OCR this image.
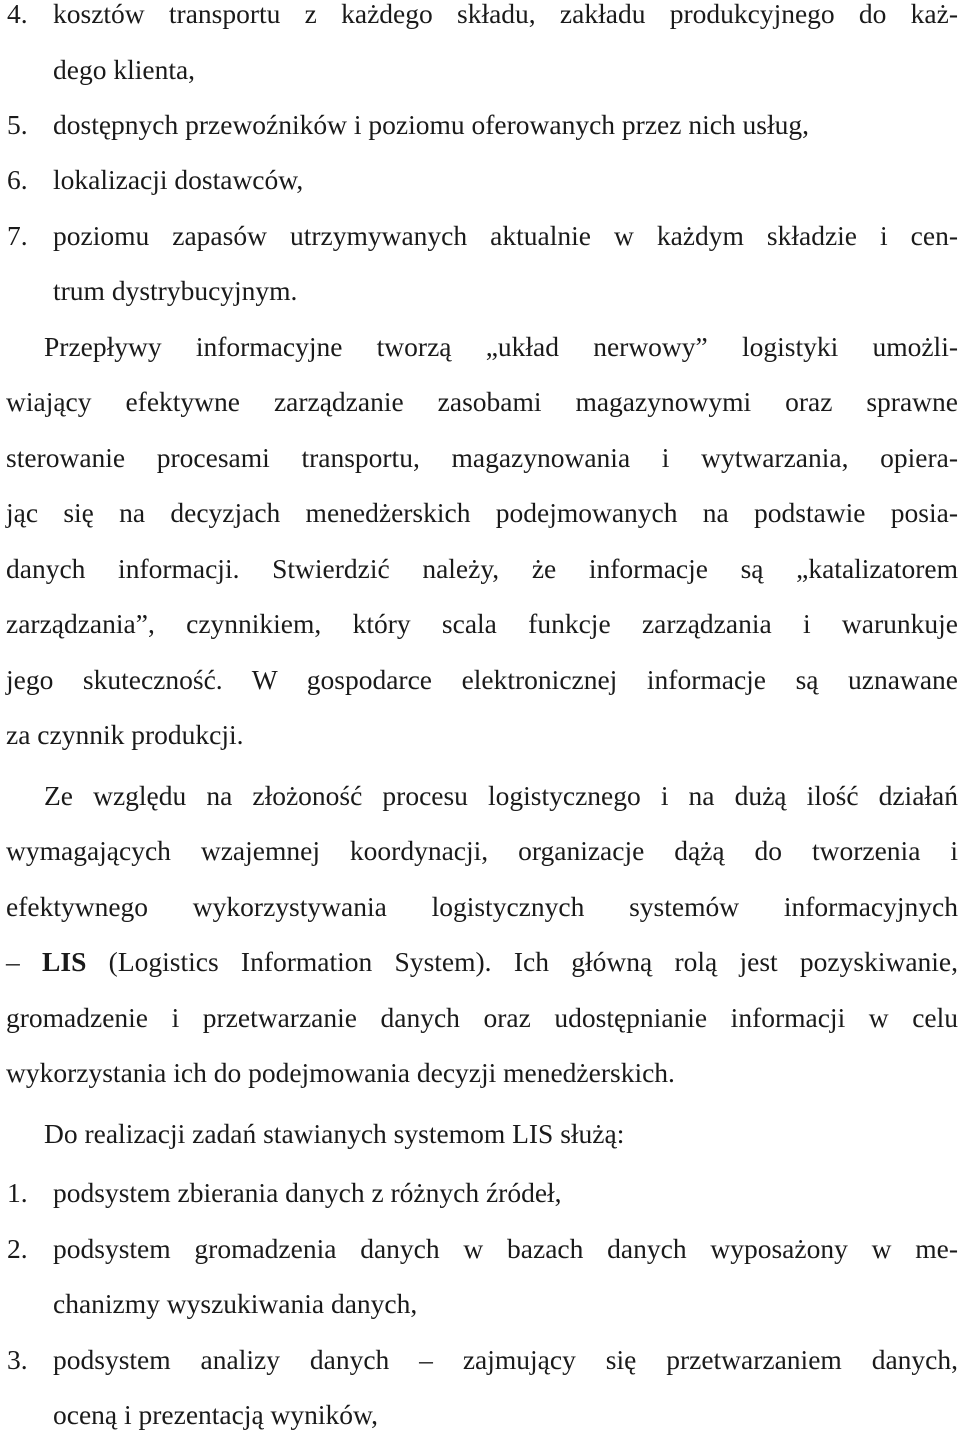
4. kosztów transportu z każdego składu, zakładu produkcyjnego do każ-
dego klienta,
5. dostępnych przewoźników i poziomu oferowanych przez nich usług,
6. lokalizacji dostawców,
7. poziomu zapasów utrzymywanych aktualnie w każdym składzie i cen-
trum dystrybucyjnym.
Przepływy informacyjne tworzą „układ nerwowy” logistyki umożli-
wiający efektywne zarządzanie zasobami magazynowymi oraz sprawne
sterowanie procesami transportu, magazynowania i wytwarzania, opiera-
jąc się na decyzjach menedżerskich podejmowanych na podstawie posia-
danych informacji. Stwierdzić należy, że informacje są „katalizatorem
zarządzania”, czynnikiem, który scala funkcje zarządzania i warunkuje
jego skuteczność. W gospodarce elektronicznej informacje są uznawane
za czynnik produkcji.
Ze względu na złożoność procesu logistycznego i na dużą ilość działań
wymagających wzajemnej koordynacji, organizacje dążą do tworzenia i
efektywnego wykorzystywania logistycznych systemów informacyjnych
– LIS (Logistics Information System). Ich główną rolą jest pozyskiwanie,
gromadzenie i przetwarzanie danych oraz udostępnianie informacji w celu
wykorzystania ich do podejmowania decyzji menedżerskich.
Do realizacji zadań stawianych systemom LIS służą:
1. podsystem zbierania danych z różnych źródeł,
2. podsystem gromadzenia danych w bazach danych wyposażony w me-
chanizmy wyszukiwania danych,
3. podsystem analizy danych – zajmujący się przetwarzaniem danych,
oceną i prezentacją wyników,
